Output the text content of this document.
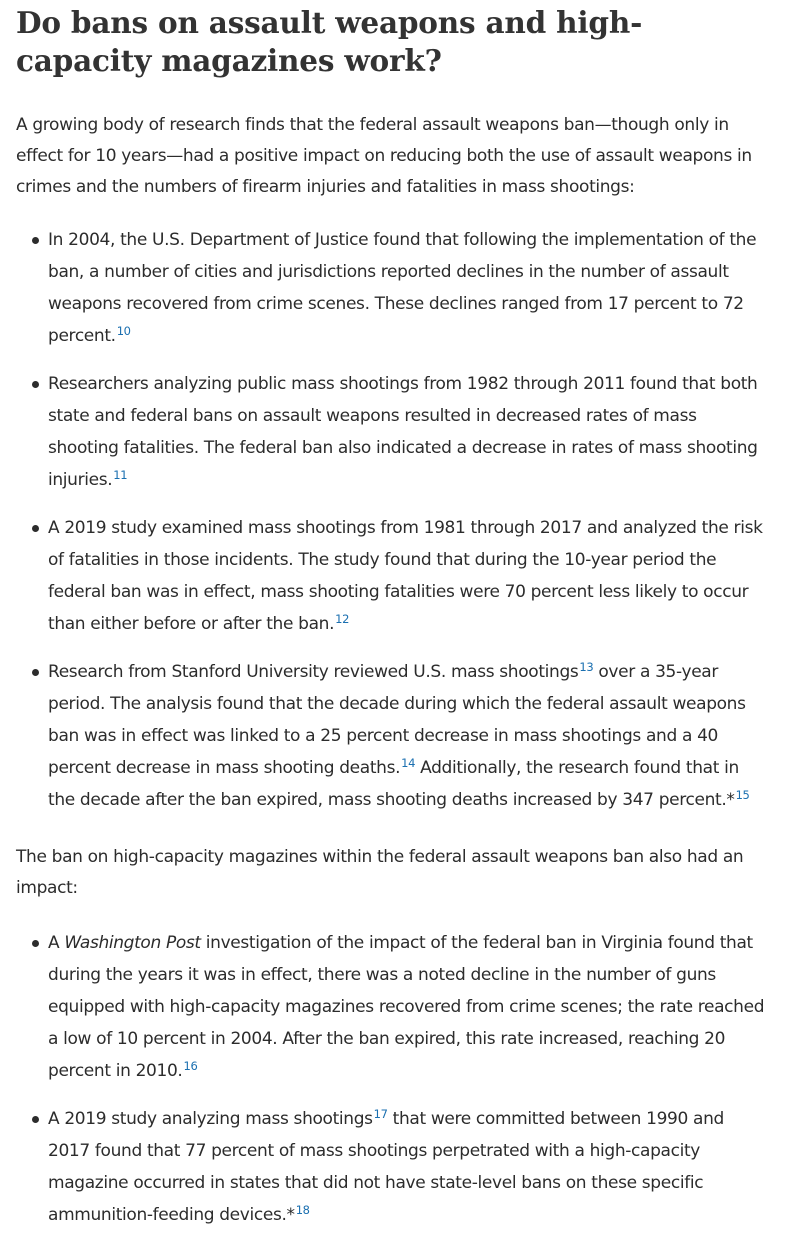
Do bans on assault weapons and high-capacity magazines work?

A growing body of research finds that the federal assault weapons ban—though only in effect for 10 years—had a positive impact on reducing both the use of assault weapons in crimes and the numbers of firearm injuries and fatalities in mass shootings:

In 2004, the U.S. Department of Justice found that following the implementation of the ban, a number of cities and jurisdictions reported declines in the number of assault weapons recovered from crime scenes. These declines ranged from 17 percent to 72 percent.$^{10}$
Researchers analyzing public mass shootings from 1982 through 2011 found that both state and federal bans on assault weapons resulted in decreased rates of mass shooting fatalities. The federal ban also indicated a decrease in rates of mass shooting injuries.$^{11}$
A 2019 study examined mass shootings from 1981 through 2017 and analyzed the risk of fatalities in those incidents. The study found that during the 10-year period the federal ban was in effect, mass shooting fatalities were 70 percent less likely to occur than either before or after the ban.$^{12}$
Research from Stanford University reviewed U.S. mass shootings$^{13}$ over a 35-year period. The analysis found that the decade during which the federal assault weapons ban was in effect was linked to a 25 percent decrease in mass shootings and a 40 percent decrease in mass shooting deaths.$^{14}$ Additionally, the research found that in the decade after the ban expired, mass shooting deaths increased by 347 percent.*$^{15}$

The ban on high-capacity magazines within the federal assault weapons ban also had an impact:

A Washington Post investigation of the impact of the federal ban in Virginia found that during the years it was in effect, there was a noted decline in the number of guns equipped with high-capacity magazines recovered from crime scenes; the rate reached a low of 10 percent in 2004. After the ban expired, this rate increased, reaching 20 percent in 2010.16
A 2019 study analyzing mass shootings$^{17}$ that were committed between 1990 and 2017 found that 77 percent of mass shootings perpetrated with a high-capacity magazine occurred in states that did not have state-level bans on these specific ammunition-feeding devices.*$^{18}$
